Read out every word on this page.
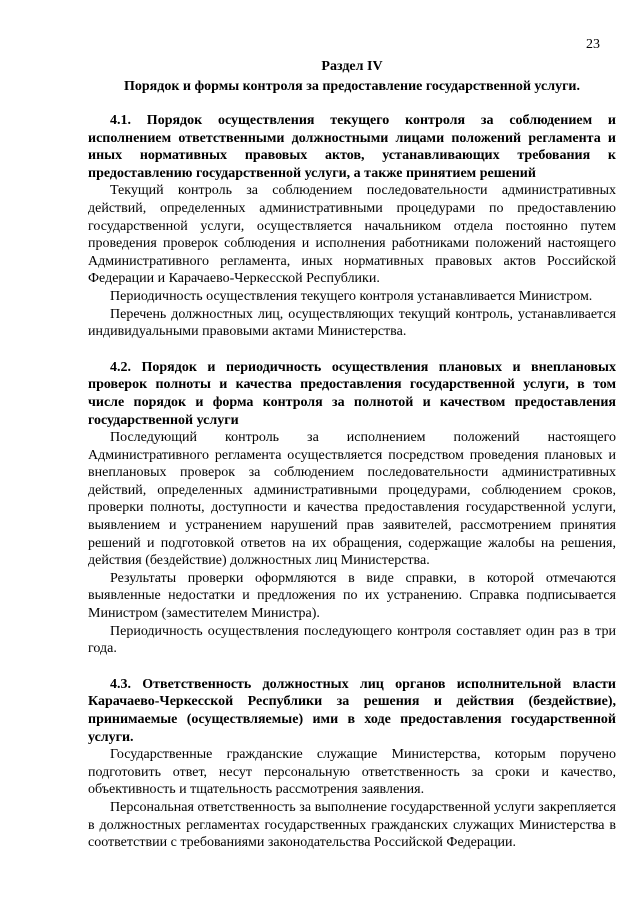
23
Раздел IV
Порядок и формы контроля за предоставление государственной услуги.

4.1. Порядок осуществления текущего контроля за соблюдением и исполнением ответственными должностными лицами положений регламента и иных нормативных правовых актов, устанавливающих требования к предоставлению государственной услуги, а также принятием решений

Текущий контроль за соблюдением последовательности административных действий, определенных административными процедурами по предоставлению государственной услуги, осуществляется начальником отдела постоянно путем проведения проверок соблюдения и исполнения работниками положений настоящего Административного регламента, иных нормативных правовых актов Российской Федерации и Карачаево-Черкесской Республики.

Периодичность осуществления текущего контроля устанавливается Министром.

Перечень должностных лиц, осуществляющих текущий контроль, устанавливается индивидуальными правовыми актами Министерства.

4.2. Порядок и периодичность осуществления плановых и внеплановых проверок полноты и качества предоставления государственной услуги, в том числе порядок и форма контроля за полнотой и качеством предоставления государственной услуги

Последующий контроль за исполнением положений настоящего Административного регламента осуществляется посредством проведения плановых и внеплановых проверок за соблюдением последовательности административных действий, определенных административными процедурами, соблюдением сроков, проверки полноты, доступности и качества предоставления государственной услуги, выявлением и устранением нарушений прав заявителей, рассмотрением принятия решений и подготовкой ответов на их обращения, содержащие жалобы на решения, действия (бездействие) должностных лиц Министерства.

Результаты проверки оформляются в виде справки, в которой отмечаются выявленные недостатки и предложения по их устранению. Справка подписывается Министром (заместителем Министра).

Периодичность осуществления последующего контроля составляет один раз в три года.

4.3. Ответственность должностных лиц органов исполнительной власти Карачаево-Черкесской Республики за решения и действия (бездействие), принимаемые (осуществляемые) ими в ходе предоставления государственной услуги.

Государственные гражданские служащие Министерства, которым поручено подготовить ответ, несут персональную ответственность за сроки и качество, объективность и тщательность рассмотрения заявления.

Персональная ответственность за выполнение государственной услуги закрепляется в должностных регламентах государственных гражданских служащих Министерства в соответствии с требованиями законодательства Российской Федерации.
